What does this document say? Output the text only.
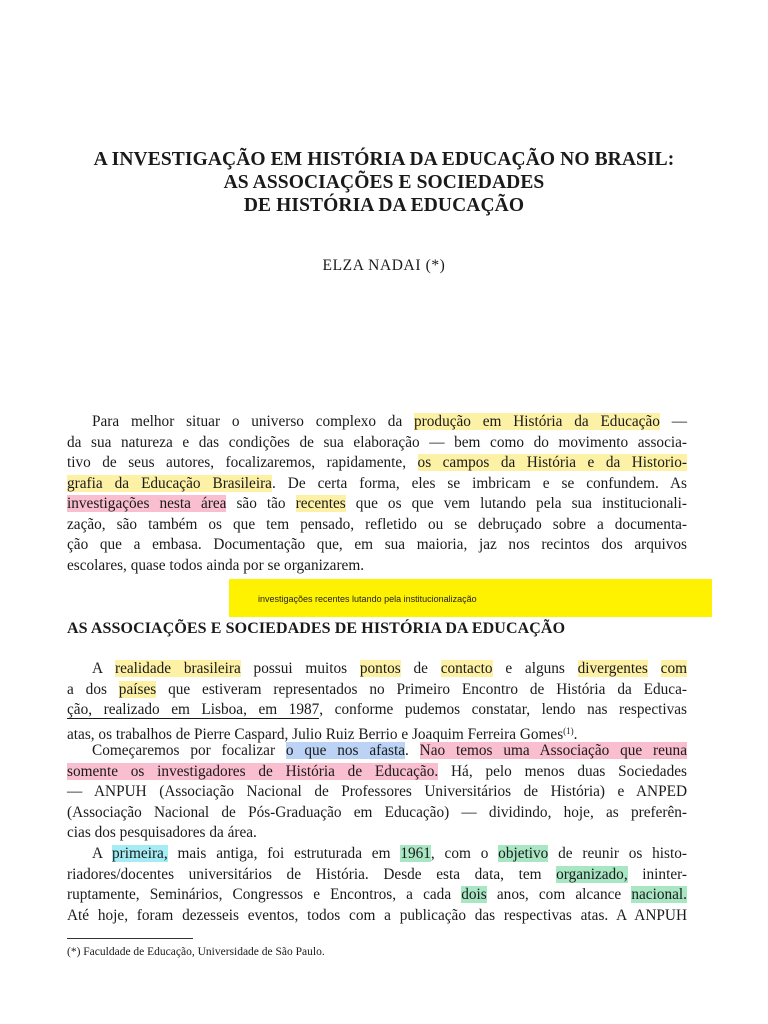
A INVESTIGAÇÃO EM HISTÓRIA DA EDUCAÇÃO NO BRASIL:
AS ASSOCIAÇÕES E SOCIEDADES
DE HISTÓRIA DA EDUCAÇÃO
ELZA NADAI (*)
Para melhor situar o universo complexo da produção em História da Educação —
da sua natureza e das condições de sua elaboração — bem como do movimento associa-
tivo de seus autores, focalizaremos, rapidamente, os campos da História e da Historio-
grafia da Educação Brasileira. De certa forma, eles se imbricam e se confundem. As
investigações nesta área são tão recentes que os que vem lutando pela sua institucionali-
zação, são também os que tem pensado, refletido ou se debruçado sobre a documenta-
ção que a embasa. Documentação que, em sua maioria, jaz nos recintos dos arquivos
escolares, quase todos ainda por se organizarem.
investigações recentes lutando pela institucionalização
AS ASSOCIAÇÕES E SOCIEDADES DE HISTÓRIA DA EDUCAÇÃO
A realidade brasileira possui muitos pontos de contacto e alguns divergentes com
a dos países que estiveram representados no Primeiro Encontro de História da Educa-
ção, realizado em Lisboa, em 1987, conforme pudemos constatar, lendo nas respectivas
atas, os trabalhos de Pierre Caspard, Julio Ruiz Berrio e Joaquim Ferreira Gomes$^{(1)}$.
Começaremos por focalizar o que nos afasta. Nao temos uma Associação que reuna
somente os investigadores de História de Educação. Há, pelo menos duas Sociedades
— ANPUH (Associação Nacional de Professores Universitários de História) e ANPED
(Associação Nacional de Pós-Graduação em Educação) — dividindo, hoje, as preferên-
cias dos pesquisadores da área.
A primeira, mais antiga, foi estruturada em 1961, com o objetivo de reunir os histo-
riadores/docentes universitários de História. Desde esta data, tem organizado, ininter-
ruptamente, Seminários, Congressos e Encontros, a cada dois anos, com alcance nacional.
Até hoje, foram dezesseis eventos, todos com a publicação das respectivas atas. A ANPUH
(*) Faculdade de Educação, Universidade de São Paulo.
